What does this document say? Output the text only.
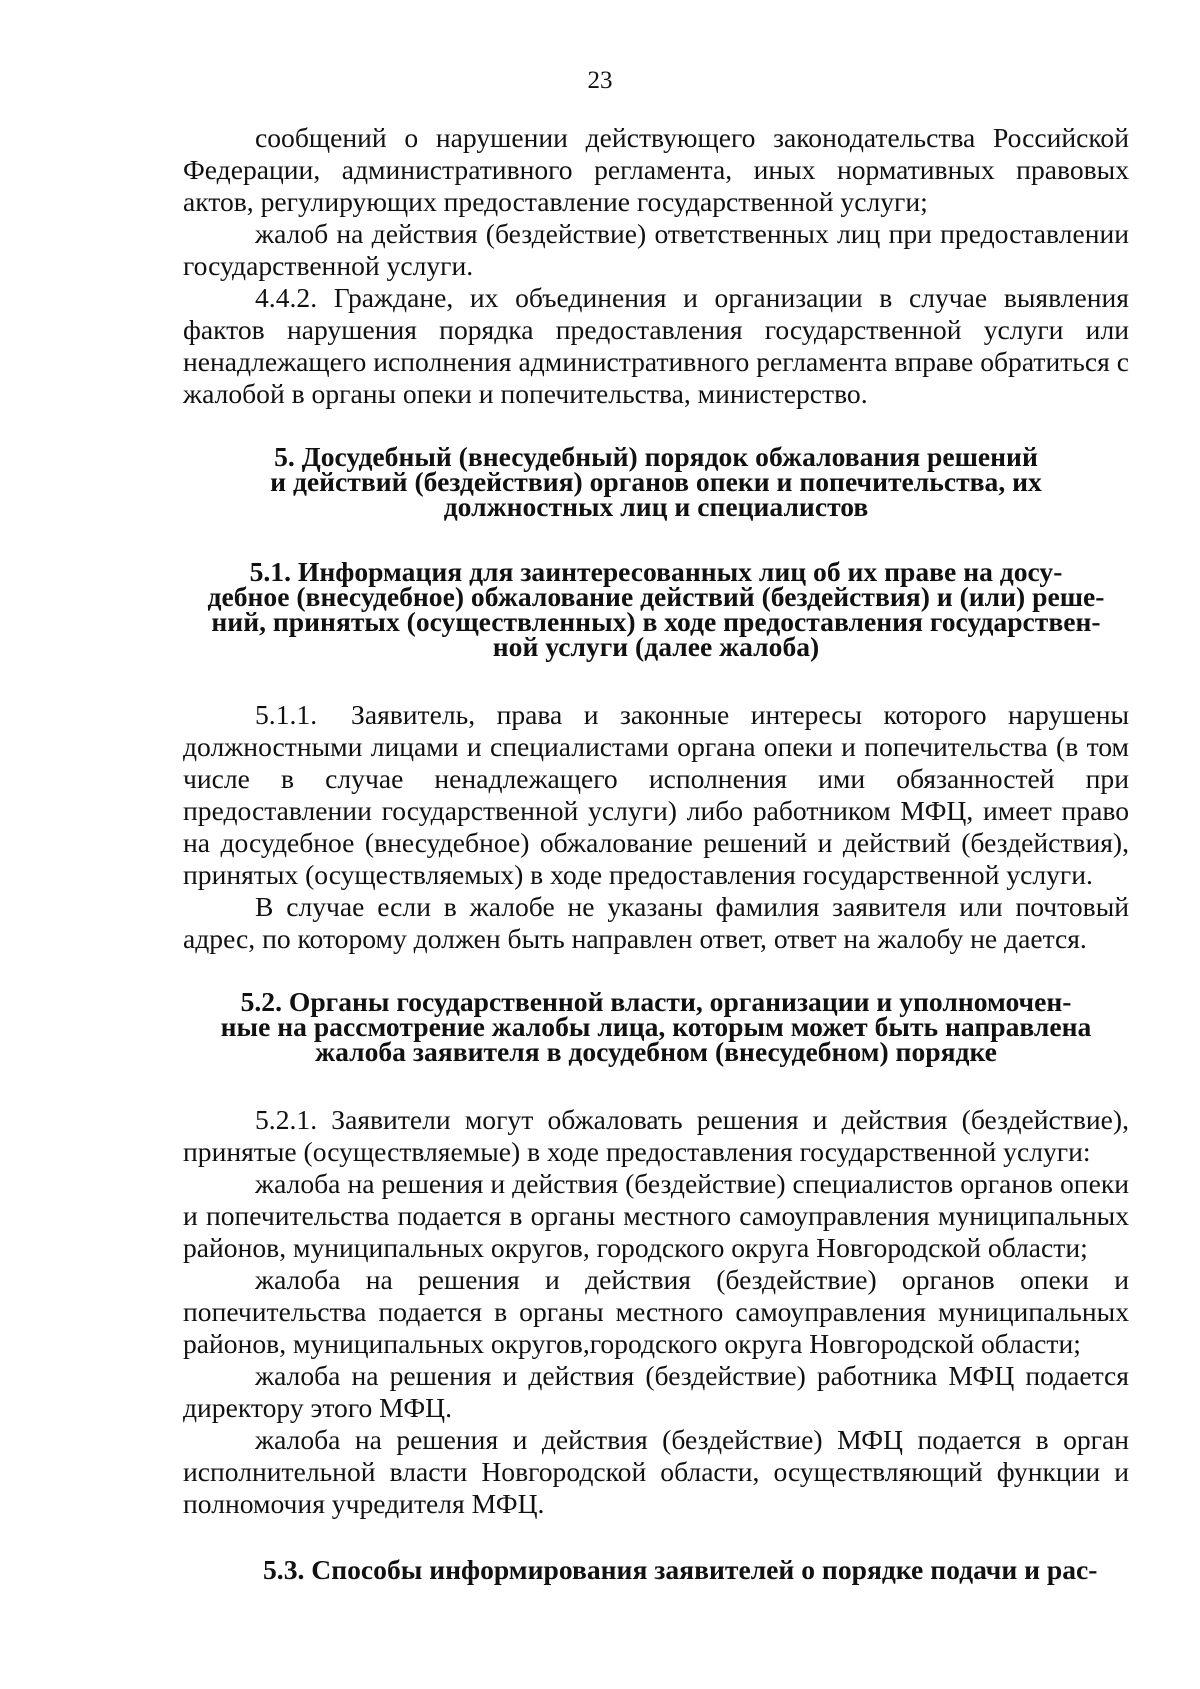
23

сообщений о нарушении действующего законодательства Российской Федерации, административного регламента, иных нормативных правовых актов, регулирующих предоставление государственной услуги;

жалоб на действия (бездействие) ответственных лиц при предоставлении государственной услуги.

4.4.2. Граждане, их объединения и организации в случае выявления фактов нарушения порядка предоставления государственной услуги или ненадлежащего исполнения административного регламента вправе обратиться с жалобой в органы опеки и попечительства, министерство.

5. Досудебный (внесудебный) порядок обжалования решений
и действий (бездействия) органов опеки и попечительства, их
должностных лиц и специалистов
5.1. Информация для заинтересованных лиц об их праве на досу-
дебное (внесудебное) обжалование действий (бездействия) и (или) реше-
ний, принятых (осуществленных) в ходе предоставления государствен-
ной услуги (далее жалоба)

5.1.1. Заявитель, права и законные интересы которого нарушены должностными лицами и специалистами органа опеки и попечительства (в том числе в случае ненадлежащего исполнения ими обязанностей при предоставлении государственной услуги) либо работником МФЦ, имеет право на досудебное (внесудебное) обжалование решений и действий (бездействия), принятых (осуществляемых) в ходе предоставления государственной услуги.

В случае если в жалобе не указаны фамилия заявителя или почтовый адрес, по которому должен быть направлен ответ, ответ на жалобу не дается.

5.2. Органы государственной власти, организации и уполномочен-
ные на рассмотрение жалобы лица, которым может быть направлена
жалоба заявителя в досудебном (внесудебном) порядке

5.2.1. Заявители могут обжаловать решения и действия (бездействие), принятые (осуществляемые) в ходе предоставления государственной услуги:

жалоба на решения и действия (бездействие) специалистов органов опеки и попечительства подается в органы местного самоуправления муниципальных районов, муниципальных округов, городского округа Новгородской области;

жалоба на решения и действия (бездействие) органов опеки и попечительства подается в органы местного самоуправления муниципальных районов, муниципальных округов,городского округа Новгородской области;

жалоба на решения и действия (бездействие) работника МФЦ подается директору этого МФЦ.

жалоба на решения и действия (бездействие) МФЦ подается в орган исполнительной власти Новгородской области, осуществляющий функции и полномочия учредителя МФЦ.

5.3. Способы информирования заявителей о порядке подачи и рас-
